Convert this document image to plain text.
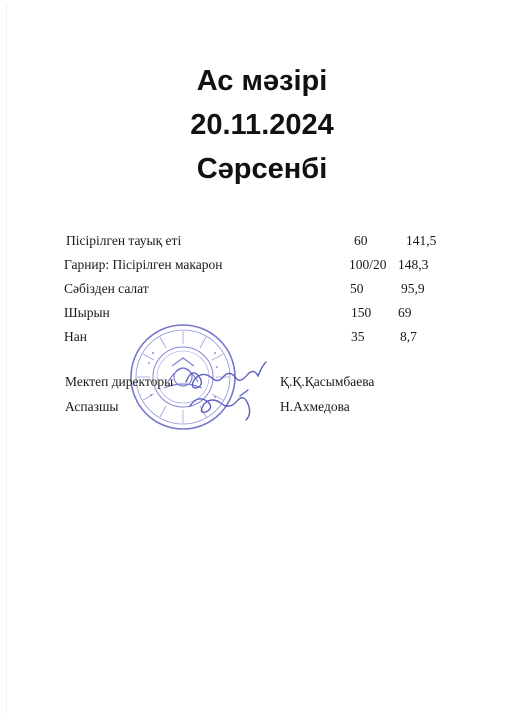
Ас мәзірі
20.11.2024
Сәрсенбі
Пісірілген тауық еті	60	141,5
Гарнир: Пісірілген макарон	100/20 148,3
Сәбізден салат	50	95,9
Шырын	150 69
Нан	35	8,7
Мектеп директоры	Қ.Қ.Қасымбаева
Аспазшы	Н.Ахмедова
